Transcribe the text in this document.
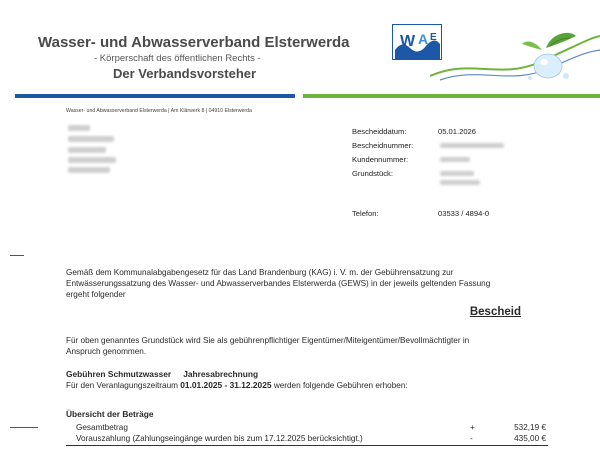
Wasser- und Abwasserverband Elsterwerda
- Körperschaft des öffentlichen Rechts -
Der Verbandsvorsteher
W A E
Wasser- und Abwasserverband Elsterwerda | Am Klärwerk 8 | 04910 Elsterwerda
Bescheiddatum:	05.01.2026
Bescheidnummer:
Kundennummer:
Grundstück:
Telefon:	03533 / 4894-0
Gemäß dem Kommunalabgabengesetz für das Land Brandenburg (KAG) i. V. m. der Gebührensatzung zur
Entwässerungssatzung des Wasser- und Abwasserverbandes Elsterwerda (GEWS) in der jeweils geltenden Fassung
ergeht folgender
Bescheid
Für oben genanntes Grundstück wird Sie als gebührenpflichtiger Eigentümer/Miteigentümer/Bevollmächtigter in
Anspruch genommen.
Gebühren Schmutzwasser Jahresabrechnung
Für den Veranlagungszeitraum 01.01.2025 - 31.12.2025 werden folgende Gebühren erhoben:
Übersicht der Beträge
Gesamtbetrag	+	532,19 €
Vorauszahlung (Zahlungseingänge wurden bis zum 17.12.2025 berücksichtigt.)	-	435,00 €
